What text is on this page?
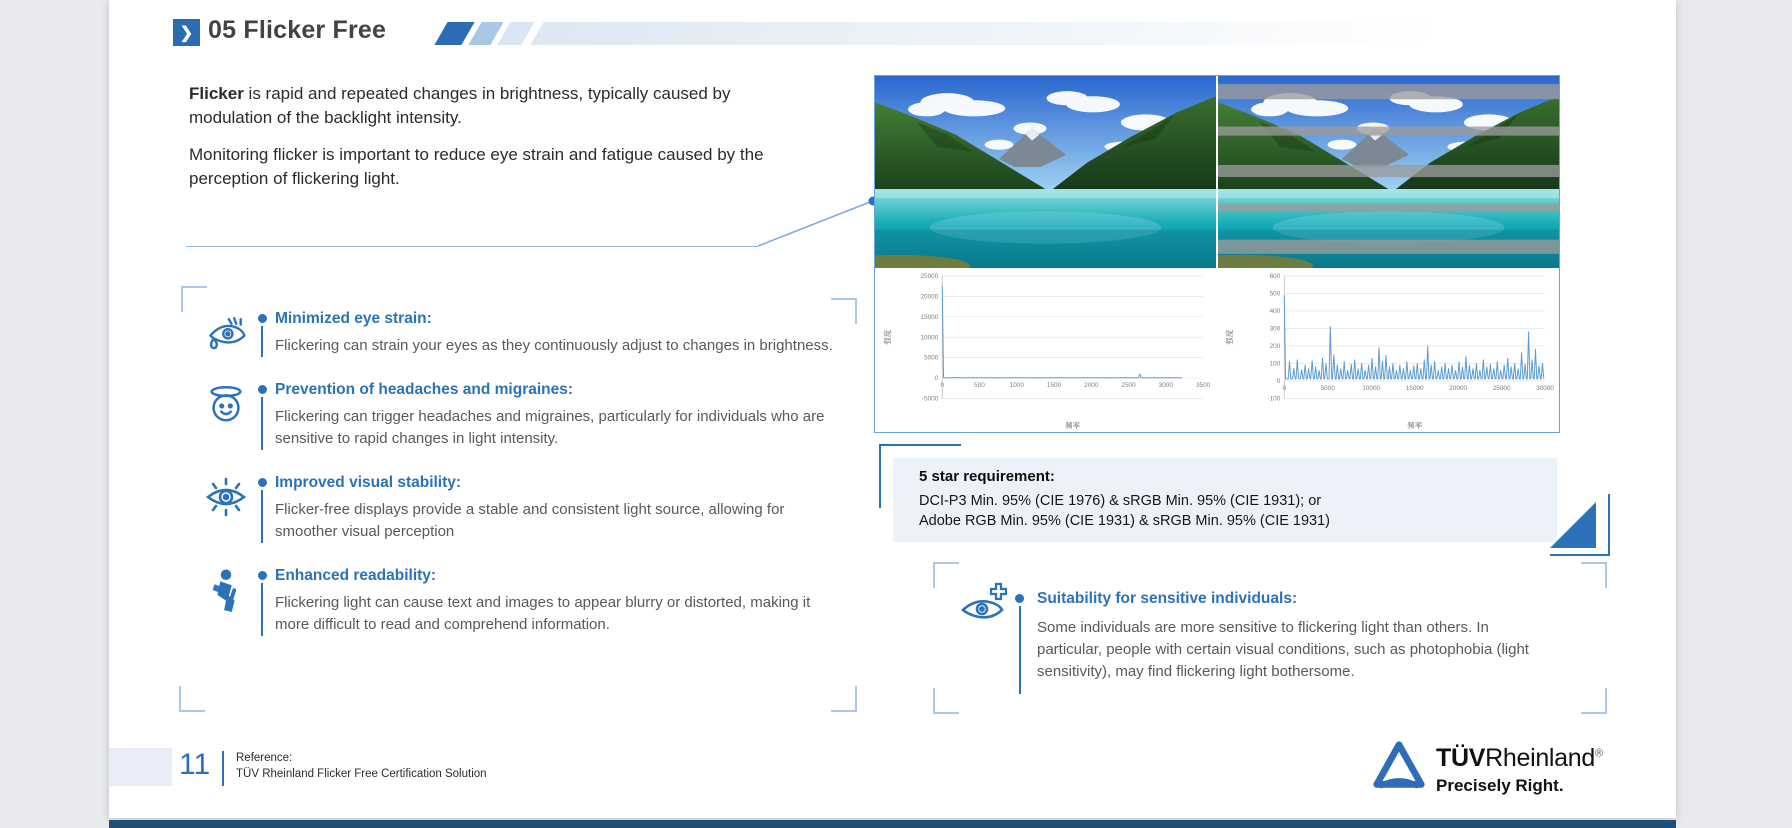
❯ 05 Flicker Free

Flicker is rapid and repeated changes in brightness, typically caused by modulation of the backlight intensity.

Monitoring flicker is important to reduce eye strain and fatigue caused by the perception of flickering light.

Minimized eye strain:

Flickering can strain your eyes as they continuously adjust to changes in brightness.

Prevention of headaches and migraines:

Flickering can trigger headaches and migraines, particularly for individuals who are sensitive to rapid changes in light intensity.

Improved visual stability:

Flicker-free displays provide a stable and consistent light source, allowing for smoother visual perception

Enhanced readability:

Flickering light can cause text and images to appear blurry or distorted, making it more difficult to read and comprehend information.
-5000
0
5000
10000
15000
20000
25000
0	500	1000	1500	2000	2500	3000	3500
频率
强度
-100
0
100
200
300
400
500
600
0	5000	10000	15000	20000	25000	30000
频率
强度

5 star requirement:

DCI-P3 Min. 95% (CIE 1976) & sRGB Min. 95% (CIE 1931); or

Adobe RGB Min. 95% (CIE 1931) & sRGB Min. 95% (CIE 1931)

Suitability for sensitive individuals:

Some individuals are more sensitive to flickering light than others. In particular, people with certain visual conditions, such as photophobia (light sensitivity), may find flickering light bothersome.
11 Reference:
TÜV Rheinland Flicker Free Certification Solution
TÜVRheinland®
Precisely Right.
